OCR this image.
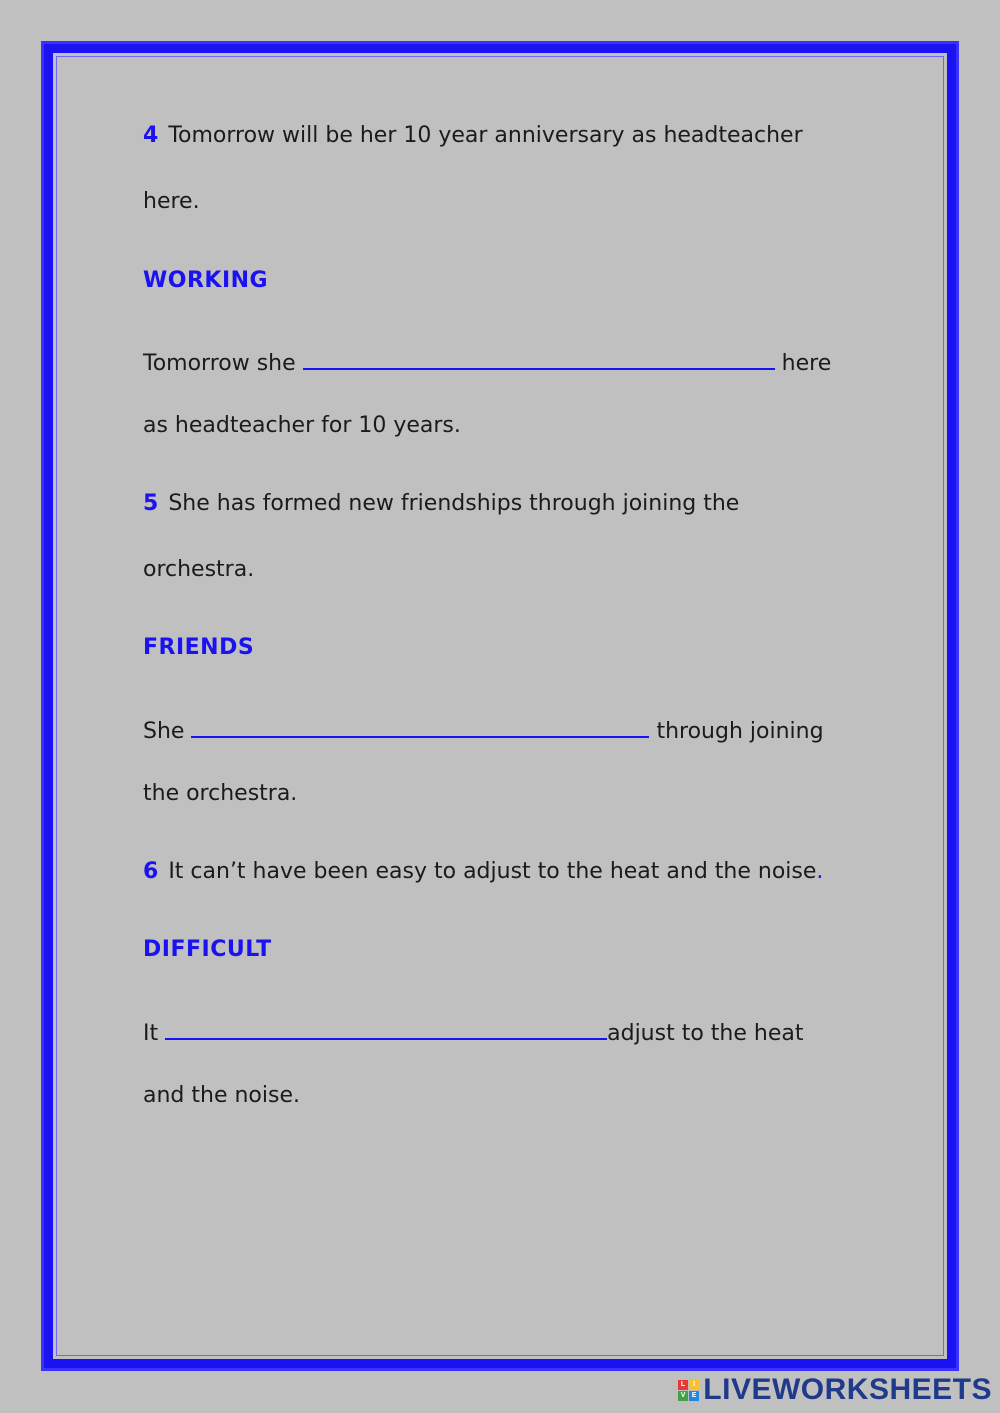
4 Tomorrow will be her 10 year anniversary as headteacher

here.

WORKING

Tomorrow she	here

as headteacher for 10 years.

5 She has formed new friendships through joining the

orchestra.

FRIENDS

She	through joining

the orchestra.

6 It can’t have been easy to adjust to the heat and the noise.

DIFFICULT

It	adjust to the heat

and the noise.

L	I
V E LIVEWORKSHEETS
